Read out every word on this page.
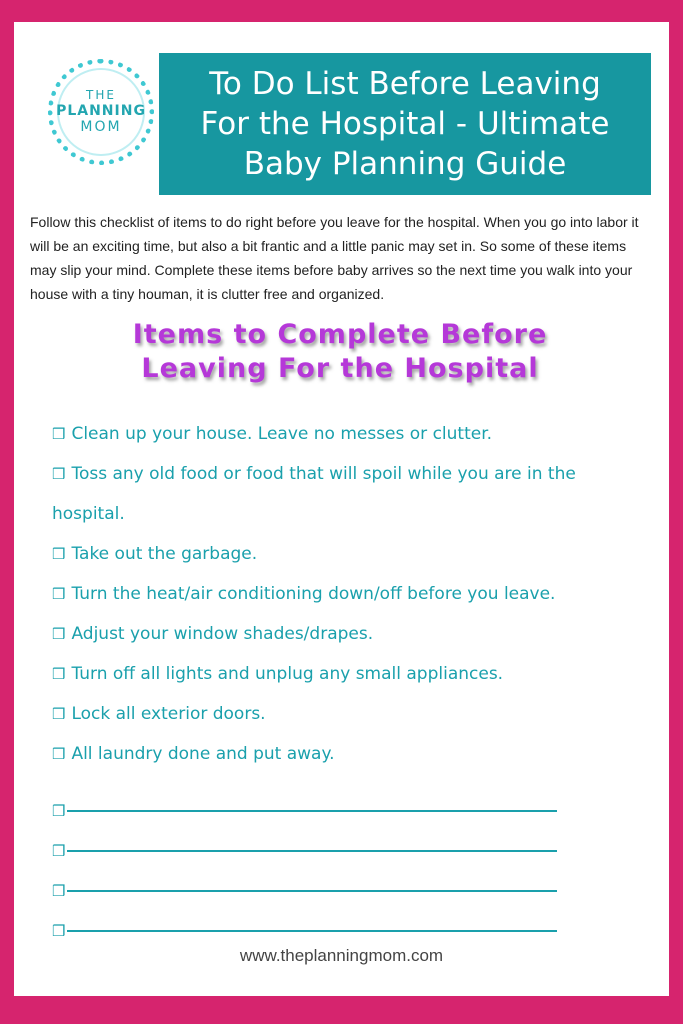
THE
PLANNING
MOM
To Do List Before Leaving
For the Hospital - Ultimate
Baby Planning Guide
Follow this checklist of items to do right before you leave for the hospital. When you go into labor it will be an exciting time, but also a bit frantic and a little panic may set in. So some of these items may slip your mind. Complete these items before baby arrives so the next time you walk into your house with a tiny houman, it is clutter free and organized.
Items to Complete Before
Leaving For the Hospital
❒ Clean up your house. Leave no messes or clutter.
❒ Toss any old food or food that will spoil while you are in the hospital.
❒ Take out the garbage.
❒ Turn the heat/air conditioning down/off before you leave.
❒ Adjust your window shades/drapes.
❒ Turn off all lights and unplug any small appliances.
❒ Lock all exterior doors.
❒ All laundry done and put away.
❒
❒
❒
❒
www.theplanningmom.com
